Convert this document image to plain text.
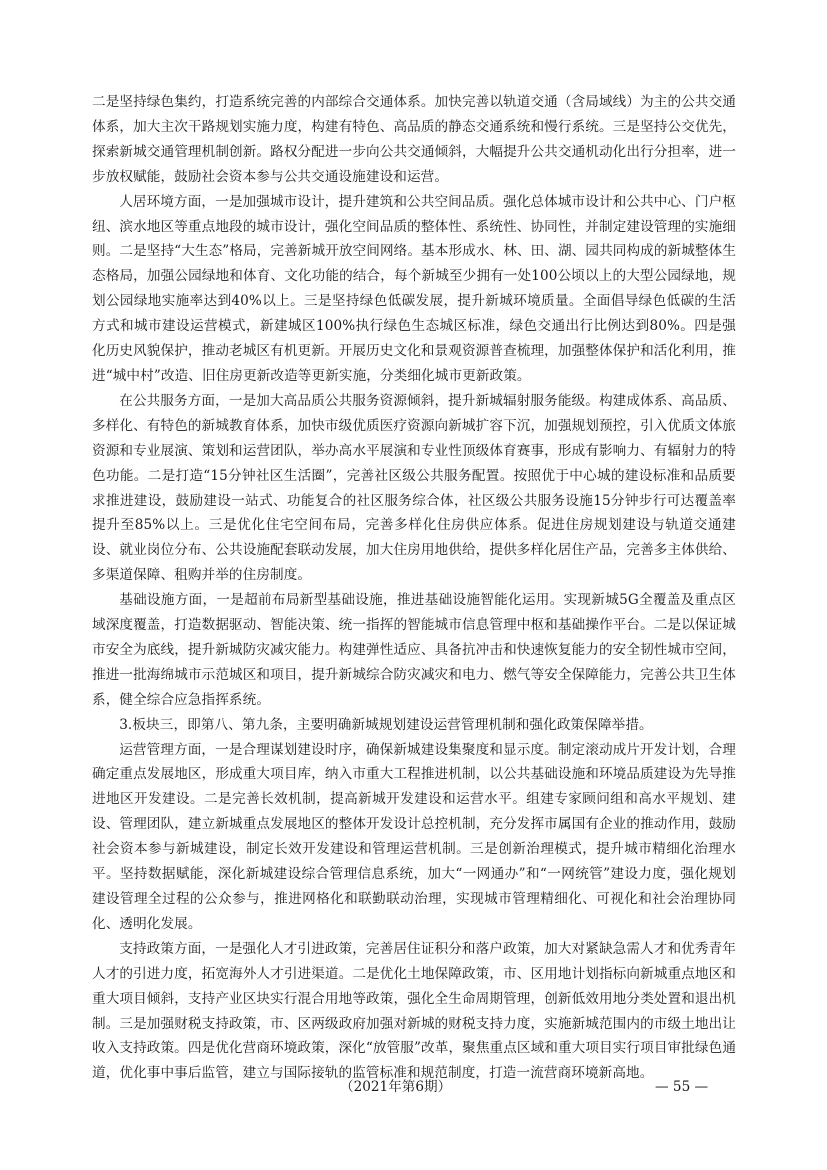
二是坚持绿色集约，打造系统完善的内部综合交通体系。加快完善以轨道交通（含局域线）为主的公共交通体系，加大主次干路规划实施力度，构建有特色、高品质的静态交通系统和慢行系统。三是坚持公交优先，探索新城交通管理机制创新。路权分配进一步向公共交通倾斜，大幅提升公共交通机动化出行分担率，进一步放权赋能，鼓励社会资本参与公共交通设施建设和运营。

人居环境方面，一是加强城市设计，提升建筑和公共空间品质。强化总体城市设计和公共中心、门户枢纽、滨水地区等重点地段的城市设计，强化空间品质的整体性、系统性、协同性，并制定建设管理的实施细则。二是坚持“大生态”格局，完善新城开放空间网络。基本形成水、林、田、湖、园共同构成的新城整体生态格局，加强公园绿地和体育、文化功能的结合，每个新城至少拥有一处100公顷以上的大型公园绿地，规划公园绿地实施率达到40%以上。三是坚持绿色低碳发展，提升新城环境质量。全面倡导绿色低碳的生活方式和城市建设运营模式，新建城区100%执行绿色生态城区标准，绿色交通出行比例达到80%。四是强化历史风貌保护，推动老城区有机更新。开展历史文化和景观资源普查梳理，加强整体保护和活化利用，推进“城中村”改造、旧住房更新改造等更新实施，分类细化城市更新政策。

在公共服务方面，一是加大高品质公共服务资源倾斜，提升新城辐射服务能级。构建成体系、高品质、多样化、有特色的新城教育体系，加快市级优质医疗资源向新城扩容下沉，加强规划预控，引入优质文体旅资源和专业展演、策划和运营团队，举办高水平展演和专业性顶级体育赛事，形成有影响力、有辐射力的特色功能。二是打造“15分钟社区生活圈”，完善社区级公共服务配置。按照优于中心城的建设标准和品质要求推进建设，鼓励建设一站式、功能复合的社区服务综合体，社区级公共服务设施15分钟步行可达覆盖率提升至85%以上。三是优化住宅空间布局，完善多样化住房供应体系。促进住房规划建设与轨道交通建设、就业岗位分布、公共设施配套联动发展，加大住房用地供给，提供多样化居住产品，完善多主体供给、多渠道保障、租购并举的住房制度。

基础设施方面，一是超前布局新型基础设施，推进基础设施智能化运用。实现新城5G全覆盖及重点区域深度覆盖，打造数据驱动、智能决策、统一指挥的智能城市信息管理中枢和基础操作平台。二是以保证城市安全为底线，提升新城防灾减灾能力。构建弹性适应、具备抗冲击和快速恢复能力的安全韧性城市空间，推进一批海绵城市示范城区和项目，提升新城综合防灾减灾和电力、燃气等安全保障能力，完善公共卫生体系，健全综合应急指挥系统。

3.板块三，即第八、第九条，主要明确新城规划建设运营管理机制和强化政策保障举措。

运营管理方面，一是合理谋划建设时序，确保新城建设集聚度和显示度。制定滚动成片开发计划，合理确定重点发展地区，形成重大项目库，纳入市重大工程推进机制，以公共基础设施和环境品质建设为先导推进地区开发建设。二是完善长效机制，提高新城开发建设和运营水平。组建专家顾问组和高水平规划、建设、管理团队，建立新城重点发展地区的整体开发设计总控机制，充分发挥市属国有企业的推动作用，鼓励社会资本参与新城建设，制定长效开发建设和管理运营机制。三是创新治理模式，提升城市精细化治理水平。坚持数据赋能，深化新城建设综合管理信息系统，加大“一网通办”和“一网统管”建设力度，强化规划建设管理全过程的公众参与，推进网格化和联勤联动治理，实现城市管理精细化、可视化和社会治理协同化、透明化发展。

支持政策方面，一是强化人才引进政策，完善居住证积分和落户政策，加大对紧缺急需人才和优秀青年人才的引进力度，拓宽海外人才引进渠道。二是优化土地保障政策，市、区用地计划指标向新城重点地区和重大项目倾斜，支持产业区块实行混合用地等政策，强化全生命周期管理，创新低效用地分类处置和退出机制。三是加强财税支持政策，市、区两级政府加强对新城的财税支持力度，实施新城范围内的市级土地出让收入支持政策。四是优化营商环境政策，深化“放管服”改革，聚焦重点区域和重大项目实行项目审批绿色通道，优化事中事后监管，建立与国际接轨的监管标准和规范制度，打造一流营商环境新高地。

（2021年第6期）	— 55 —
